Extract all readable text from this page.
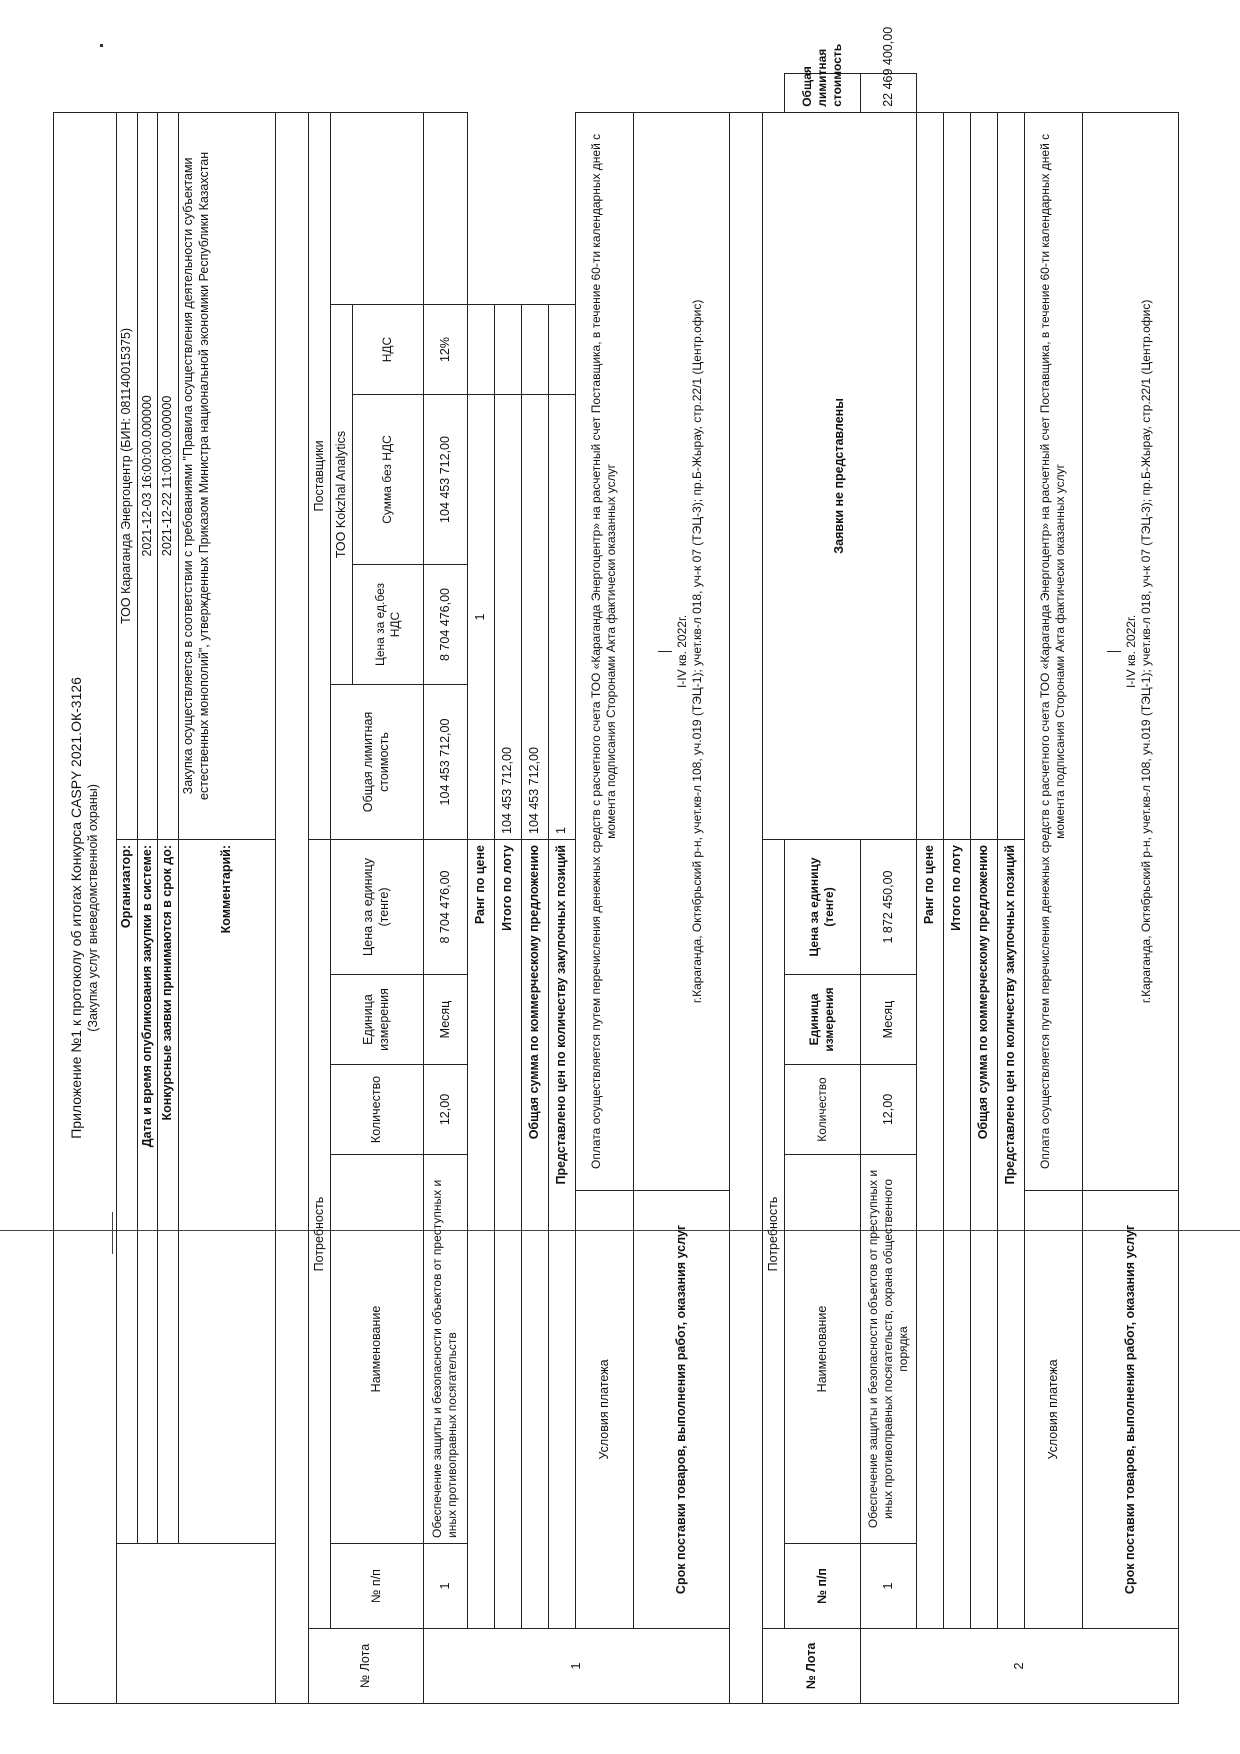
Приложение №1 к протоколу об итогах Конкурса CASPY 2021.ОК-3126 (Закупка услуг вневедомственной охраны)												

		Организатор:					ТОО Караганда Энергоцентр (БИН: 081140015375)					
		Дата и время опубликования закупки в системе:					2021-12-03 16:00:00.000000					
		Конкурсные заявки принимаются в срок до:					2021-12-22 11:00:00.000000					
		Комментарий:					Закупка осуществляется в соответствии с требованиями "Правила осуществления деятельности субъектами естественных монополий", утвержденных Приказом Министра национальной экономики Республики Казахстан					

№ Лота	Потребность						Поставщики					
	№ п/п	Наименование		Количество	Единица измерения	Цена за единицу (тенге)	Общая лимитная стоимость	ТОО Kokzhal Analytics				
								Цена за ед.без НДС	Сумма без НДС	НДС		
1	1	Обеспечение защиты и безопасности объектов от преступных и иных противоправных посягательств		12,00	Месяц	8 704 476,00	104 453 712,00	8 704 476,00	104 453 712,00	12%		
	Ранг по цене						1					
	Итого по лоту						104 453 712,00					
	Общая сумма по коммерческому предложению						104 453 712,00					
	Представлено цен по количеству закупочных позиций						1					
	Условия платежа		Оплата осуществляется путем перечисления денежных средств с расчетного счета ТОО «Караганда Энергоцентр» на расчетный счет Поставщика, в течение 60-ти календарных дней с момента подписания Сторонами Акта фактически оказанных услуг									
	Срок поставки товаров, выполнения работ, оказания услуг		I-IV кв. 2022г. г.Караганда, Октябрьский р-н, учет.кв-л 108, уч.019 (ТЭЦ-1); учет.кв-л 018, уч-к 07 (ТЭЦ-3); пр.Б-Жырау, стр.22/1 (Центр.офис)									

№ Лота	Потребность						Заявки не представлены					
	№ п/п	Наименование		Количество	Единица измерения	Цена за единицу (тенге)						Общая лимитная стоимость
2	1	Обеспечение защиты и безопасности объектов от преступных и иных противоправных посягательств, охрана общественного порядка		12,00	Месяц	1 872 450,00						22 469 400,00
	Ранг по цене											
	Итого по лоту											
	Общая сумма по коммерческому предложению											
	Представлено цен по количеству закупочных позиций											
	Условия платежа		Оплата осуществляется путем перечисления денежных средств с расчетного счета ТОО «Караганда Энергоцентр» на расчетный счет Поставщика, в течение 60-ти календарных дней с момента подписания Сторонами Акта фактически оказанных услуг									
	Срок поставки товаров, выполнения работ, оказания услуг		I-IV кв. 2022г. г.Караганда, Октябрьский р-н, учет.кв-л 108, уч.019 (ТЭЦ-1); учет.кв-л 018, уч-к 07 (ТЭЦ-3); пр.Б-Жырау, стр.22/1 (Центр.офис)									
